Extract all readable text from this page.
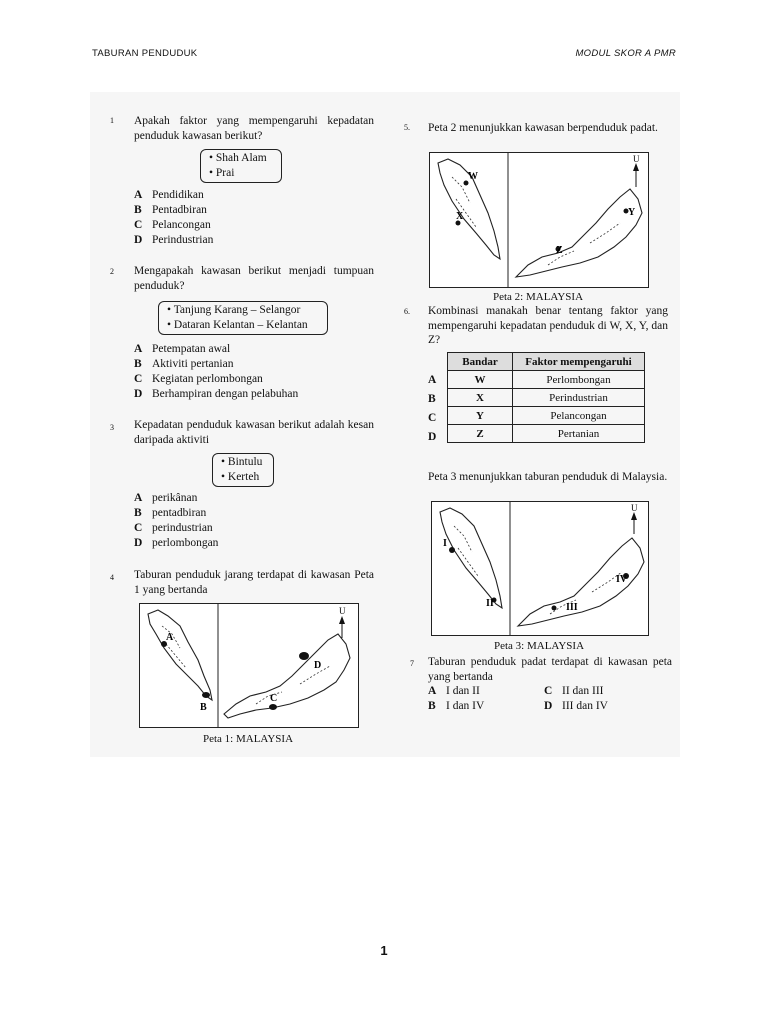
TABURAN PENDUDUK	MODUL SKOR A PMR
1 Apakah faktor yang mempengaruhi kepadatan penduduk kawasan berikut?
• Shah Alam
• Prai
A Pendidikan
B Pentadbiran
C Pelancongan
D Perindustrian
2 Mengapakah kawasan berikut menjadi tumpuan penduduk?
• Tanjung Karang – Selangor
• Dataran Kelantan – Kelantan
A Petempatan awal
B Aktiviti pertanian
C Kegiatan perlombongan
D Berhampiran dengan pelabuhan
3 Kepadatan penduduk kawasan berikut adalah kesan daripada aktiviti
• Bintulu
• Kerteh
A perikânan
B pentadbiran
C perindustrian
D perlombongan
4 Taburan penduduk jarang terdapat di kawasan Peta 1 yang bertanda
U
A
B
C
D
Peta 1: MALAYSIA
5. Peta 2 menunjukkan kawasan berpenduduk padat.
U
W
X	Y
Z
Peta 2: MALAYSIA
6. Kombinasi manakah benar tentang faktor yang mempengaruhi kepadatan penduduk di W, X, Y, dan Z?
A
B
C
D
Bandar	Faktor mempengaruhi
W	Perlombongan
X	Perindustrian
Y	Pelancongan
Z	Pertanian
Peta 3 menunjukkan taburan penduduk di Malaysia.
U
I
II	III
IV
Peta 3: MALAYSIA
7 Taburan penduduk padat terdapat di kawasan peta yang bertanda
A I dan II
B I dan IV
C II dan III
D III dan IV
1
